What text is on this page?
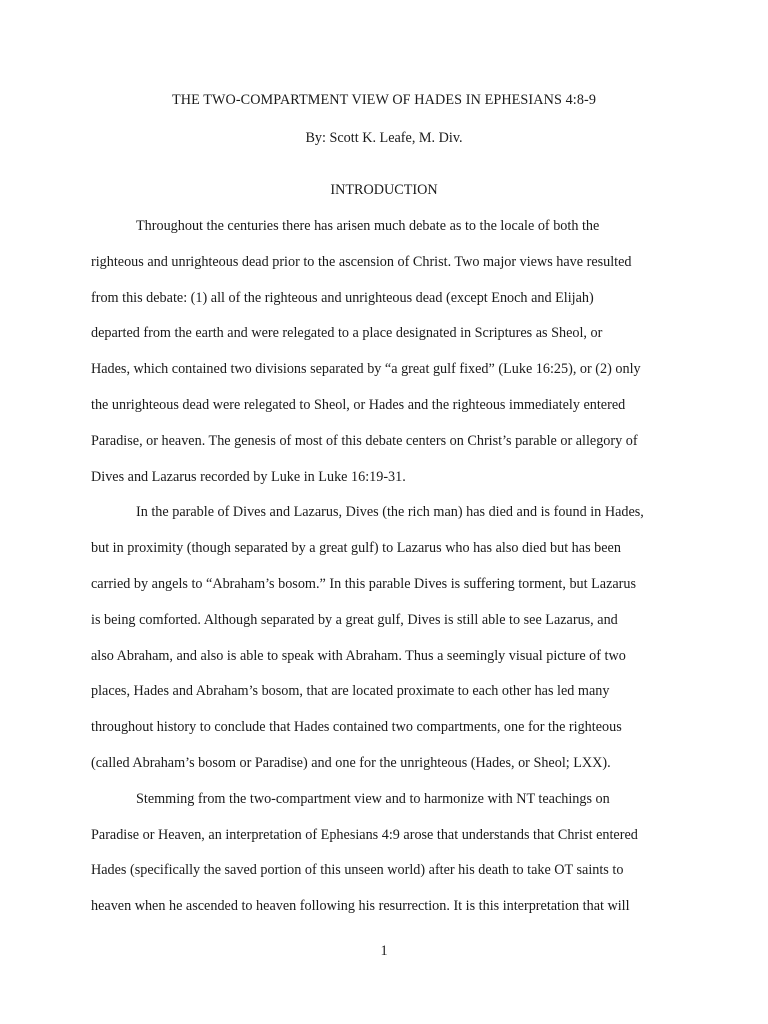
THE TWO-COMPARTMENT VIEW OF HADES IN EPHESIANS 4:8-9
By: Scott K. Leafe, M. Div.
INTRODUCTION
Throughout the centuries there has arisen much debate as to the locale of both the
righteous and unrighteous dead prior to the ascension of Christ. Two major views have resulted
from this debate: (1) all of the righteous and unrighteous dead (except Enoch and Elijah)
departed from the earth and were relegated to a place designated in Scriptures as Sheol, or
Hades, which contained two divisions separated by “a great gulf fixed” (Luke 16:25), or (2) only
the unrighteous dead were relegated to Sheol, or Hades and the righteous immediately entered
Paradise, or heaven. The genesis of most of this debate centers on Christ’s parable or allegory of
Dives and Lazarus recorded by Luke in Luke 16:19-31.
In the parable of Dives and Lazarus, Dives (the rich man) has died and is found in Hades,
but in proximity (though separated by a great gulf) to Lazarus who has also died but has been
carried by angels to “Abraham’s bosom.” In this parable Dives is suffering torment, but Lazarus
is being comforted. Although separated by a great gulf, Dives is still able to see Lazarus, and
also Abraham, and also is able to speak with Abraham. Thus a seemingly visual picture of two
places, Hades and Abraham’s bosom, that are located proximate to each other has led many
throughout history to conclude that Hades contained two compartments, one for the righteous
(called Abraham’s bosom or Paradise) and one for the unrighteous (Hades, or Sheol; LXX).
Stemming from the two-compartment view and to harmonize with NT teachings on
Paradise or Heaven, an interpretation of Ephesians 4:9 arose that understands that Christ entered
Hades (specifically the saved portion of this unseen world) after his death to take OT saints to
heaven when he ascended to heaven following his resurrection. It is this interpretation that will
1
